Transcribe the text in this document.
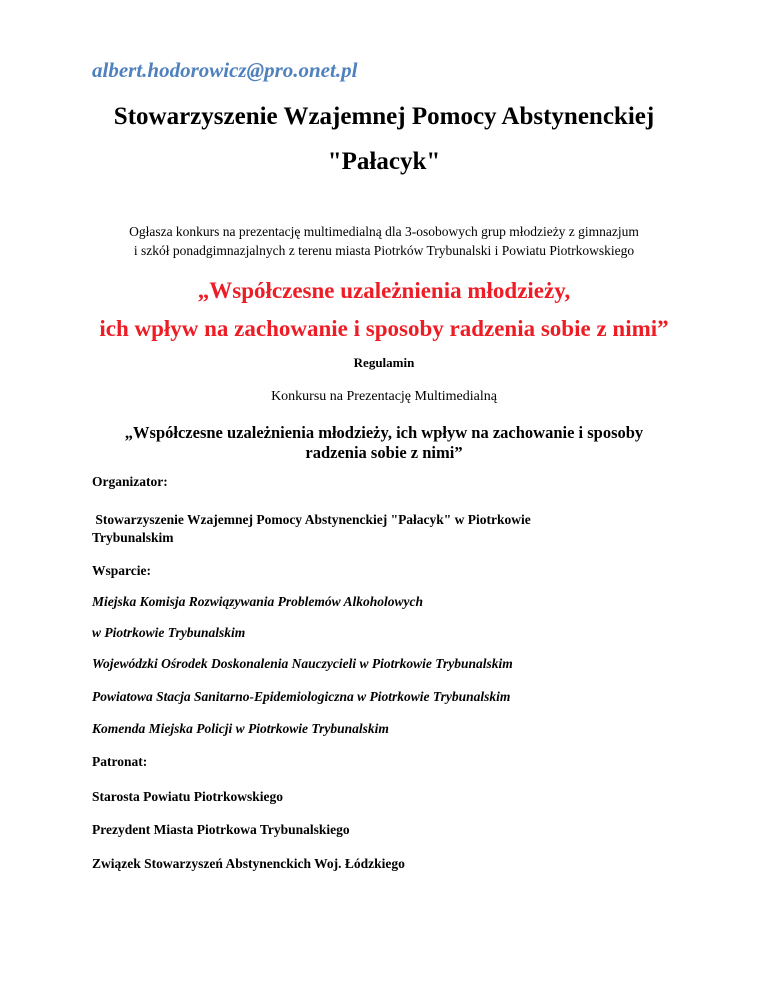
albert.hodorowicz@pro.onet.pl
Stowarzyszenie Wzajemnej Pomocy Abstynenckiej
"Pałacyk"
Ogłasza konkurs na prezentację multimedialną dla 3-osobowych grup młodzieży z gimnazjum
i szkół ponadgimnazjalnych z terenu miasta Piotrków Trybunalski i Powiatu Piotrkowskiego
„Współczesne uzależnienia młodzieży,
ich wpływ na zachowanie i sposoby radzenia sobie z nimi”
Regulamin
Konkursu na Prezentację Multimedialną
„Współczesne uzależnienia młodzieży, ich wpływ na zachowanie i sposoby
radzenia sobie z nimi”
Organizator:
Stowarzyszenie Wzajemnej Pomocy Abstynenckiej "Pałacyk" w Piotrkowie
Trybunalskim
Wsparcie:
Miejska Komisja Rozwiązywania Problemów Alkoholowych
w Piotrkowie Trybunalskim
Wojewódzki Ośrodek Doskonalenia Nauczycieli w Piotrkowie Trybunalskim
Powiatowa Stacja Sanitarno-Epidemiologiczna w Piotrkowie Trybunalskim
Komenda Miejska Policji w Piotrkowie Trybunalskim
Patronat:
Starosta Powiatu Piotrkowskiego
Prezydent Miasta Piotrkowa Trybunalskiego
Związek Stowarzyszeń Abstynenckich Woj. Łódzkiego
